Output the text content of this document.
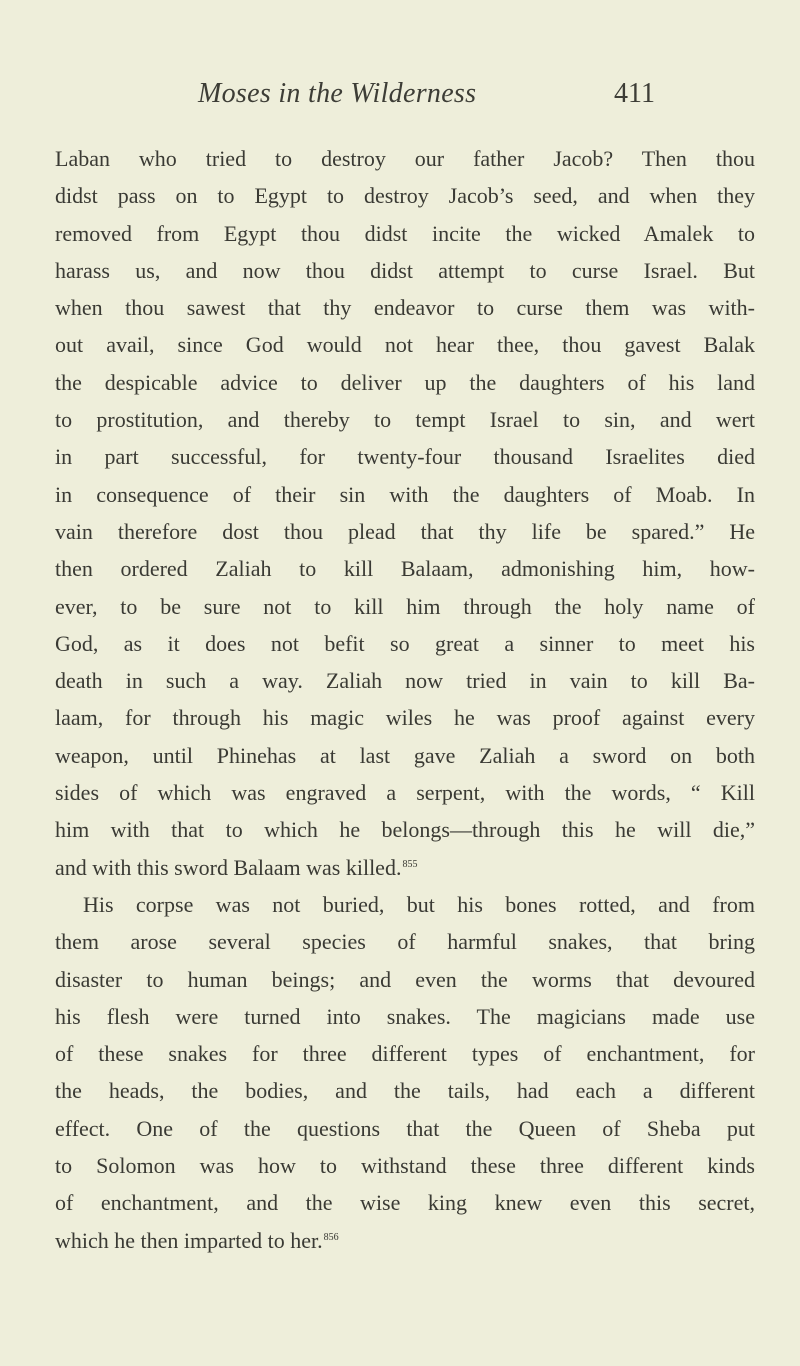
Moses in the Wilderness	411
Laban who tried to destroy our father Jacob? Then thou
didst pass on to Egypt to destroy Jacob’s seed, and when they
removed from Egypt thou didst incite the wicked Amalek to
harass us, and now thou didst attempt to curse Israel. But
when thou sawest that thy endeavor to curse them was with-
out avail, since God would not hear thee, thou gavest Balak
the despicable advice to deliver up the daughters of his land
to prostitution, and thereby to tempt Israel to sin, and wert
in part successful, for twenty-four thousand Israelites died
in consequence of their sin with the daughters of Moab. In
vain therefore dost thou plead that thy life be spared.” He
then ordered Zaliah to kill Balaam, admonishing him, how-
ever, to be sure not to kill him through the holy name of
God, as it does not befit so great a sinner to meet his
death in such a way. Zaliah now tried in vain to kill Ba-
laam, for through his magic wiles he was proof against every
weapon, until Phinehas at last gave Zaliah a sword on both
sides of which was engraved a serpent, with the words, “ Kill
him with that to which he belongs—through this he will die,”
and with this sword Balaam was killed.$^{855}$
His corpse was not buried, but his bones rotted, and from
them arose several species of harmful snakes, that bring
disaster to human beings; and even the worms that devoured
his flesh were turned into snakes. The magicians made use
of these snakes for three different types of enchantment, for
the heads, the bodies, and the tails, had each a different
effect. One of the questions that the Queen of Sheba put
to Solomon was how to withstand these three different kinds
of enchantment, and the wise king knew even this secret,
which he then imparted to her.$^{856}$
